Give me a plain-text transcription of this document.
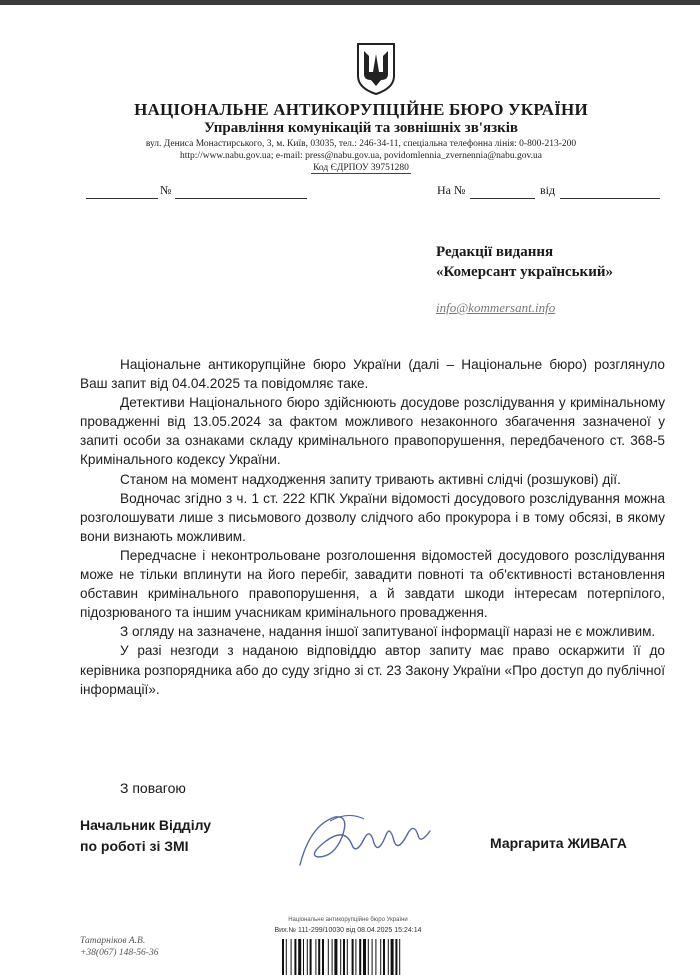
НАЦІОНАЛЬНЕ АНТИКОРУПЦІЙНЕ БЮРО УКРАЇНИ
Управління комунікацій та зовнішніх зв'язків
вул. Дениса Монастирського, 3, м. Київ, 03035, тел.: 246-34-11, спеціальна телефонна лінія: 0-800-213-200
http://www.nabu.gov.ua; e-mail: press@nabu.gov.ua, povidomlennia_zvernennia@nabu.gov.ua
Код ЄДРПОУ 39751280
№	На №	від
Редакції видання
«Комерсант український»
info@kommersant.info

Національне антикорупційне бюро України (далі – Національне бюро) розглянуло Ваш запит від 04.04.2025 та повідомляє таке.

Детективи Національного бюро здійснюють досудове розслідування у кримінальному провадженні від 13.05.2024 за фактом можливого незаконного збагачення зазначеної у запиті особи за ознаками складу кримінального правопорушення, передбаченого ст. 368-5 Кримінального кодексу України.

Станом на момент надходження запиту тривають активні слідчі (розшукові) дії.

Водночас згідно з ч. 1 ст. 222 КПК України відомості досудового розслідування можна розголошувати лише з письмового дозволу слідчого або прокурора і в тому обсязі, в якому вони визнають можливим.

Передчасне і неконтрольоване розголошення відомостей досудового розслідування може не тільки вплинути на його перебіг, завадити повноті та об'єктивності встановлення обставин кримінального правопорушення, а й завдати шкоди інтересам потерпілого, підозрюваного та іншим учасникам кримінального провадження.

З огляду на зазначене, надання іншої запитуваної інформації наразі не є можливим.

У разі незгоди з наданою відповіддю автор запиту має право оскаржити її до керівника розпорядника або до суду згідно зі ст. 23 Закону України «Про доступ до публічної інформації».

З повагою
Начальник Відділу
по роботі зі ЗМІ	Маргарита ЖИВАГА
Татарніков А.В.
+38(067) 148-56-36
Національне антикорупційне бюро України
Вих.№ 111-299/10030 від 08.04.2025 15:24:14
